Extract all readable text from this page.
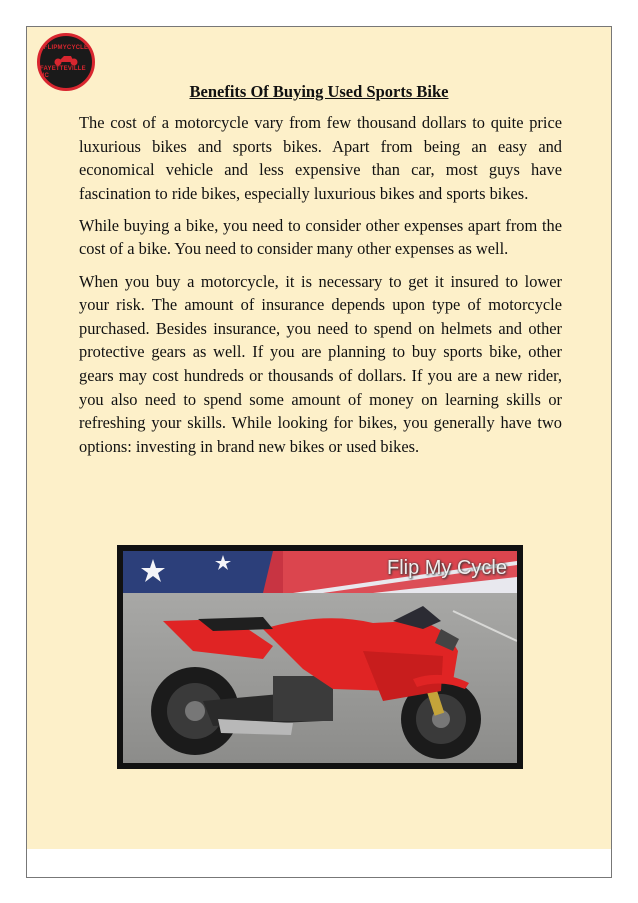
FLIPMYCYCLE
FAYETTEVILLE NC
Benefits Of Buying Used Sports Bike

The cost of a motorcycle vary from few thousand dollars to quite price luxurious bikes and sports bikes. Apart from being an easy and economical vehicle and less expensive than car, most guys have fascination to ride bikes, especially luxurious bikes and sports bikes.

While buying a bike, you need to consider other expenses apart from the cost of a bike. You need to consider many other expenses as well.

When you buy a motorcycle, it is necessary to get it insured to lower your risk. The amount of insurance depends upon type of motorcycle purchased. Besides insurance, you need to spend on helmets and other protective gears as well. If you are planning to buy sports bike, other gears may cost hundreds or thousands of dollars. If you are a new rider, you also need to spend some amount of money on learning skills or refreshing your skills. While looking for bikes, you generally have two options: investing in brand new bikes or used bikes.

Flip My Cycle
